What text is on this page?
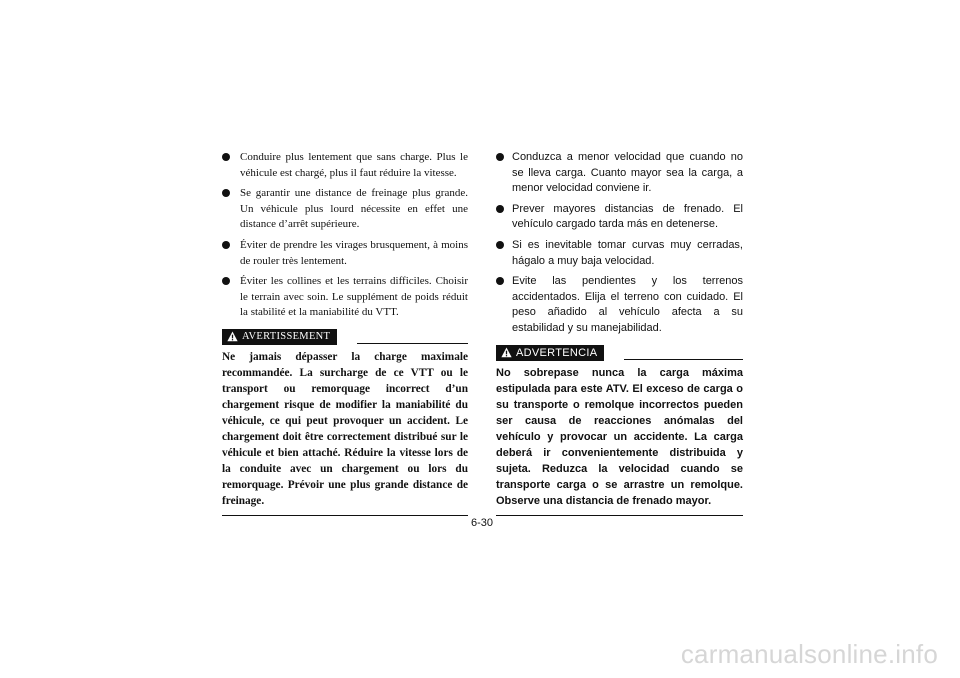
Conduire plus lentement que sans charge. Plus le véhicule est chargé, plus il faut réduire la vitesse.

Se garantir une distance de freinage plus grande. Un véhicule plus lourd nécessite en effet une distance d’arrêt supérieure.

Éviter de prendre les virages brusquement, à moins de rouler très lentement.

Éviter les collines et les terrains difficiles. Choisir le terrain avec soin. Le supplément de poids réduit la stabilité et la maniabilité du VTT.

AVERTISSEMENT

Ne jamais dépasser la charge maximale recommandée. La surcharge de ce VTT ou le transport ou remorquage incorrect d’un chargement risque de modifier la maniabilité du véhicule, ce qui peut provoquer un accident. Le chargement doit être correctement distribué sur le véhicule et bien attaché. Réduire la vitesse lors de la conduite avec un chargement ou lors du remorquage. Prévoir une plus grande distance de freinage.

Conduzca a menor velocidad que cuando no se lleva carga. Cuanto mayor sea la carga, a menor velocidad conviene ir.

Prever mayores distancias de frenado. El vehículo cargado tarda más en detenerse.

Si es inevitable tomar curvas muy cerradas, hágalo a muy baja velocidad.

Evite las pendientes y los terrenos accidentados. Elija el terreno con cuidado. El peso añadido al vehículo afecta a su estabilidad y su manejabilidad.

ADVERTENCIA

No sobrepase nunca la carga máxima estipulada para este ATV. El exceso de carga o su transporte o remolque incorrectos pueden ser causa de reacciones anómalas del vehículo y provocar un accidente. La carga deberá ir convenientemente distribuida y sujeta. Reduzca la velocidad cuando se transporte carga o se arrastre un remolque. Observe una distancia de frenado mayor.

6-30
carmanualsonline.info
